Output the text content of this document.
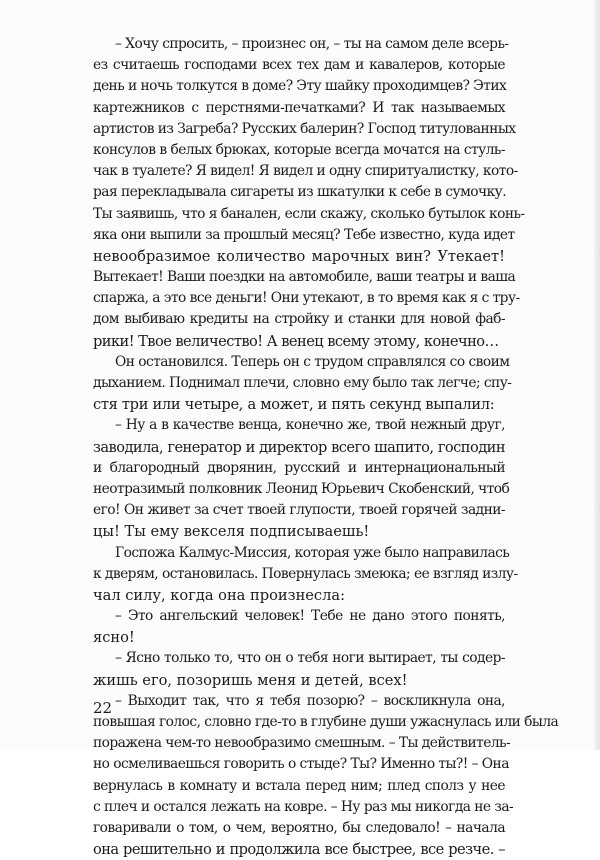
– Хочу спросить, – произнес он, – ты на самом деле всерь-
ез считаешь господами всех тех дам и кавалеров, которые
день и ночь толкутся в доме? Эту шайку проходимцев? Этих
картежников с перстнями-печатками? И так называемых
артистов из Загреба? Русских балерин? Господ титулованных
консулов в белых брюках, которые всегда мочатся на стуль-
чак в туалете? Я видел! Я видел и одну спиритуалистку, кото-
рая перекладывала сигареты из шкатулки к себе в сумочку.
Ты заявишь, что я банален, если скажу, сколько бутылок конь-
яка они выпили за прошлый месяц? Тебе известно, куда идет
невообразимое количество марочных вин? Утекает!
Вытекает! Ваши поездки на автомобиле, ваши театры и ваша
спаржа, а это все деньги! Они утекают, в то время как я с тру-
дом выбиваю кредиты на стройку и станки для новой фаб-
рики! Твое величество! А венец всему этому, конечно…
Он остановился. Теперь он с трудом справлялся со своим
дыханием. Поднимал плечи, словно ему было так легче; спу-
стя три или четыре, а может, и пять секунд выпалил:
– Ну а в качестве венца, конечно же, твой нежный друг,
заводила, генератор и директор всего шапито, господин
и благородный дворянин, русский и интернациональный
неотразимый полковник Леонид Юрьевич Скобенский, чтоб
его! Он живет за счет твоей глупости, твоей горячей задни-
цы! Ты ему векселя подписываешь!
Госпожа Калмус-Миссия, которая уже было направилась
к дверям, остановилась. Повернулась змеюка; ее взгляд излу-
чал силу, когда она произнесла:
– Это ангельский человек! Тебе не дано этого понять,
ясно!
– Ясно только то, что он о тебя ноги вытирает, ты содер-
жишь его, позоришь меня и детей, всех!
– Выходит так, что я тебя позорю? – воскликнула она,
повышая голос, словно где-то в глубине души ужаснулась или была
поражена чем-то невообразимо смешным. – Ты действитель-
но осмеливаешься говорить о стыде? Ты? Именно ты?! – Она
вернулась в комнату и встала перед ним; плед сполз у нее
с плеч и остался лежать на ковре. – Ну раз мы никогда не за-
говаривали о том, о чем, вероятно, бы следовало! – начала
она решительно и продолжила все быстрее, все резче. –
22
